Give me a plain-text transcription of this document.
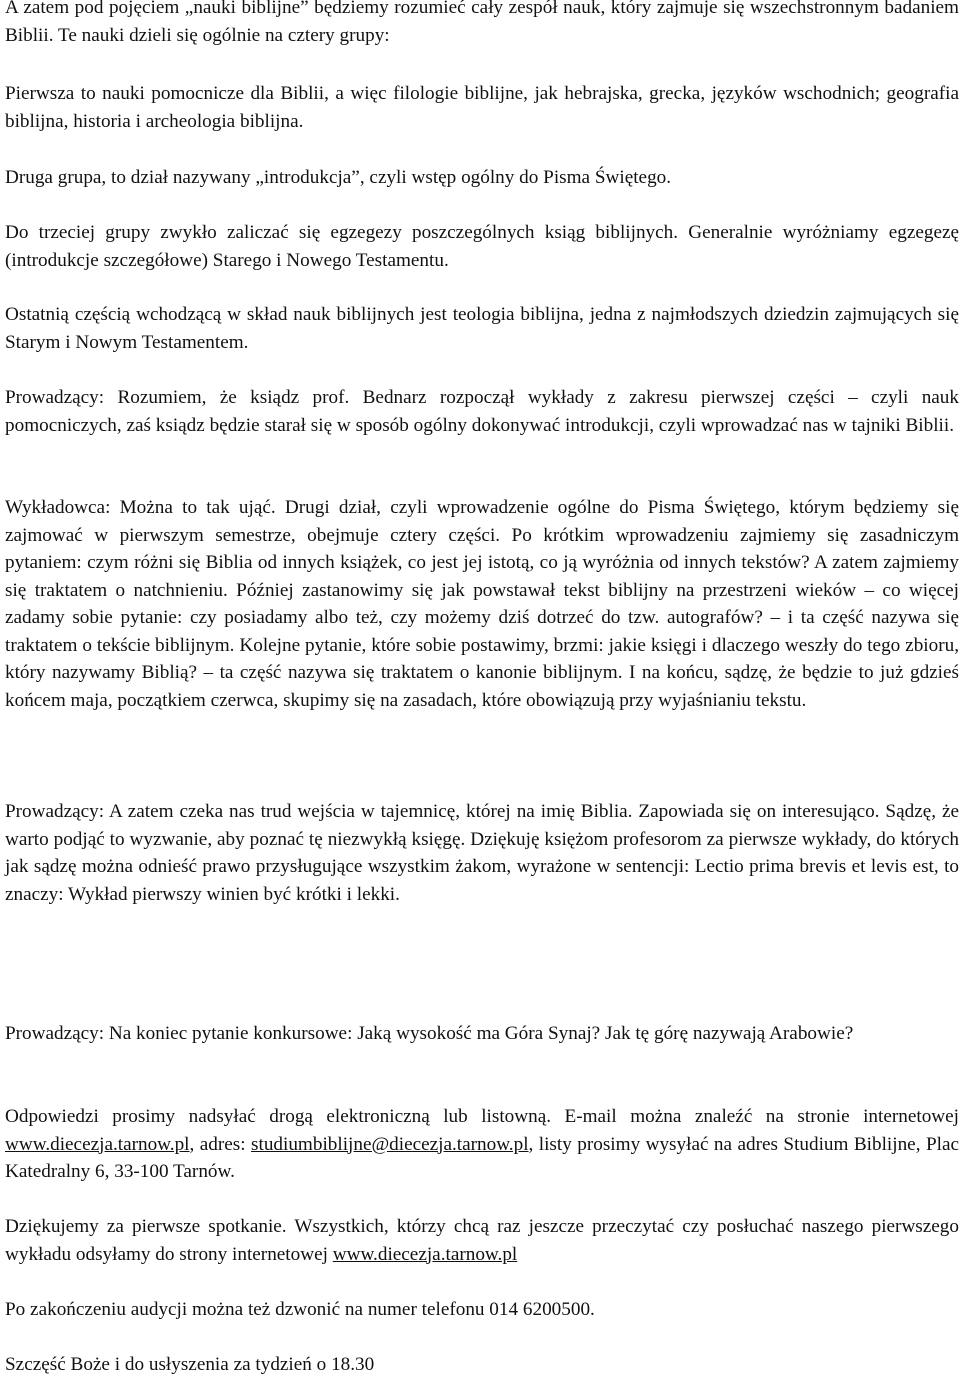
A zatem pod pojęciem „nauki biblijne” będziemy rozumieć cały zespół nauk, który zajmuje się wszechstronnym badaniem Biblii. Te nauki dzieli się ogólnie na cztery grupy:

Pierwsza to nauki pomocnicze dla Biblii, a więc filologie biblijne, jak hebrajska, grecka, języków wschodnich; geografia biblijna, historia i archeologia biblijna.

Druga grupa, to dział nazywany „introdukcja”, czyli wstęp ogólny do Pisma Świętego.

Do trzeciej grupy zwykło zaliczać się egzegezy poszczególnych ksiąg biblijnych. Generalnie wyróżniamy egzegezę (introdukcje szczegółowe) Starego i Nowego Testamentu.

Ostatnią częścią wchodzącą w skład nauk biblijnych jest teologia biblijna, jedna z najmłodszych dziedzin zajmujących się Starym i Nowym Testamentem.

Prowadzący: Rozumiem, że ksiądz prof. Bednarz rozpoczął wykłady z zakresu pierwszej części – czyli nauk pomocniczych, zaś ksiądz będzie starał się w sposób ogólny dokonywać introdukcji, czyli wprowadzać nas w tajniki Biblii.

Wykładowca: Można to tak ująć. Drugi dział, czyli wprowadzenie ogólne do Pisma Świętego, którym będziemy się zajmować w pierwszym semestrze, obejmuje cztery części. Po krótkim wprowadzeniu zajmiemy się zasadniczym pytaniem: czym różni się Biblia od innych książek, co jest jej istotą, co ją wyróżnia od innych tekstów? A zatem zajmiemy się traktatem o natchnieniu. Później zastanowimy się jak powstawał tekst biblijny na przestrzeni wieków – co więcej zadamy sobie pytanie: czy posiadamy albo też, czy możemy dziś dotrzeć do tzw. autografów? – i ta część nazywa się traktatem o tekście biblijnym. Kolejne pytanie, które sobie postawimy, brzmi: jakie księgi i dlaczego weszły do tego zbioru, który nazywamy Biblią? – ta część nazywa się traktatem o kanonie biblijnym. I na końcu, sądzę, że będzie to już gdzieś końcem maja, początkiem czerwca, skupimy się na zasadach, które obowiązują przy wyjaśnianiu tekstu.

Prowadzący: A zatem czeka nas trud wejścia w tajemnicę, której na imię Biblia. Zapowiada się on interesująco. Sądzę, że warto podjąć to wyzwanie, aby poznać tę niezwykłą księgę. Dziękuję księżom profesorom za pierwsze wykłady, do których jak sądzę można odnieść prawo przysługujące wszystkim żakom, wyrażone w sentencji: Lectio prima brevis et levis est, to znaczy: Wykład pierwszy winien być krótki i lekki.

Prowadzący: Na koniec pytanie konkursowe: Jaką wysokość ma Góra Synaj? Jak tę górę nazywają Arabowie?

Odpowiedzi prosimy nadsyłać drogą elektroniczną lub listowną. E-mail można znaleźć na stronie internetowej www.diecezja.tarnow.pl, adres: studiumbiblijne@diecezja.tarnow.pl, listy prosimy wysyłać na adres Studium Biblijne, Plac Katedralny 6, 33-100 Tarnów.

Dziękujemy za pierwsze spotkanie. Wszystkich, którzy chcą raz jeszcze przeczytać czy posłuchać naszego pierwszego wykładu odsyłamy do strony internetowej www.diecezja.tarnow.pl

Po zakończeniu audycji można też dzwonić na numer telefonu 014 6200500.

Szczęść Boże i do usłyszenia za tydzień o 18.30
